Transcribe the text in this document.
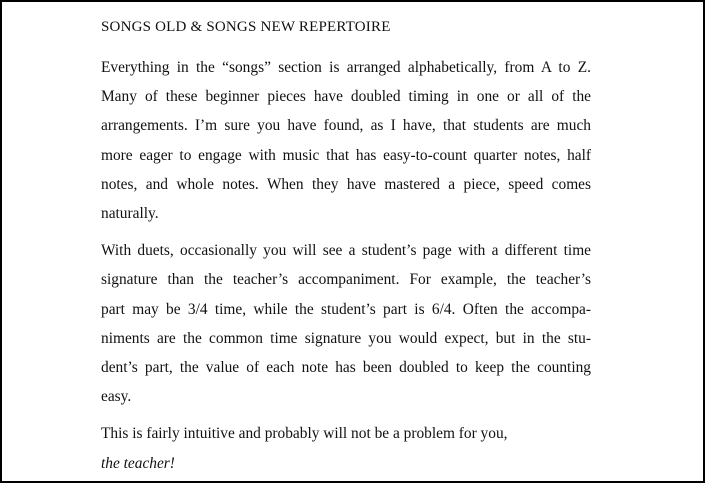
SONGS OLD & SONGS NEW REPERTOIRE
Everything in the “songs” section is arranged alphabetically, from A to Z.
Many of these beginner pieces have doubled timing in one or all of the
arrangements. I’m sure you have found, as I have, that students are much
more eager to engage with music that has easy-to-count quarter notes, half
notes, and whole notes. When they have mastered a piece, speed comes
naturally.
With duets, occasionally you will see a student’s page with a different time
signature than the teacher’s accompaniment. For example, the teacher’s
part may be 3/4 time, while the student’s part is 6/4. Often the accompa-
niments are the common time signature you would expect, but in the stu-
dent’s part, the value of each note has been doubled to keep the counting
easy.
This is fairly intuitive and probably will not be a problem for you,
the teacher!
